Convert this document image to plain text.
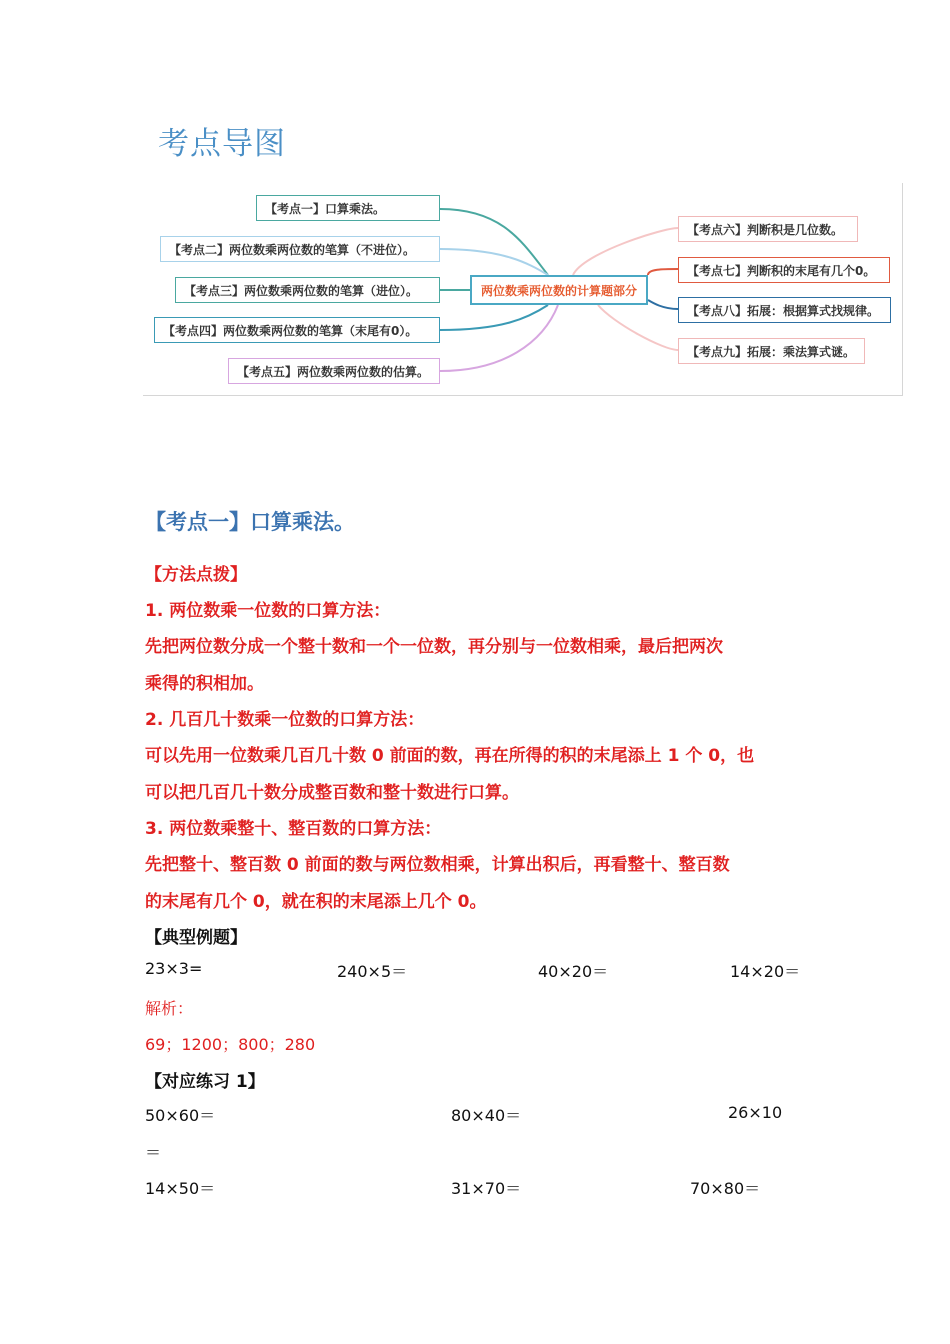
考点导图
【考点一】口算乘法。
【考点二】两位数乘两位数的笔算（不进位）。
【考点三】两位数乘两位数的笔算（进位）。
【考点四】两位数乘两位数的笔算（末尾有0）。
【考点五】两位数乘两位数的估算。
两位数乘两位数的计算题部分
【考点六】判断积是几位数。
【考点七】判断积的末尾有几个0。
【考点八】拓展：根据算式找规律。
【考点九】拓展：乘法算式谜。
【考点一】口算乘法。
【方法点拨】
1. 两位数乘一位数的口算方法：
先把两位数分成一个整十数和一个一位数，再分别与一位数相乘，最后把两次
乘得的积相加。
2. 几百几十数乘一位数的口算方法：
可以先用一位数乘几百几十数 0 前面的数，再在所得的积的末尾添上 1 个 0，也
可以把几百几十数分成整百数和整十数进行口算。
3. 两位数乘整十、整百数的口算方法：
先把整十、整百数 0 前面的数与两位数相乘，计算出积后，再看整十、整百数
的末尾有几个 0，就在积的末尾添上几个 0。
【典型例题】
23×3=	240×5＝	40×20＝	14×20＝
解析：
69；1200；800；280
【对应练习 1】
50×60＝	80×40＝	26×10
＝
14×50＝	31×70＝	70×80＝
